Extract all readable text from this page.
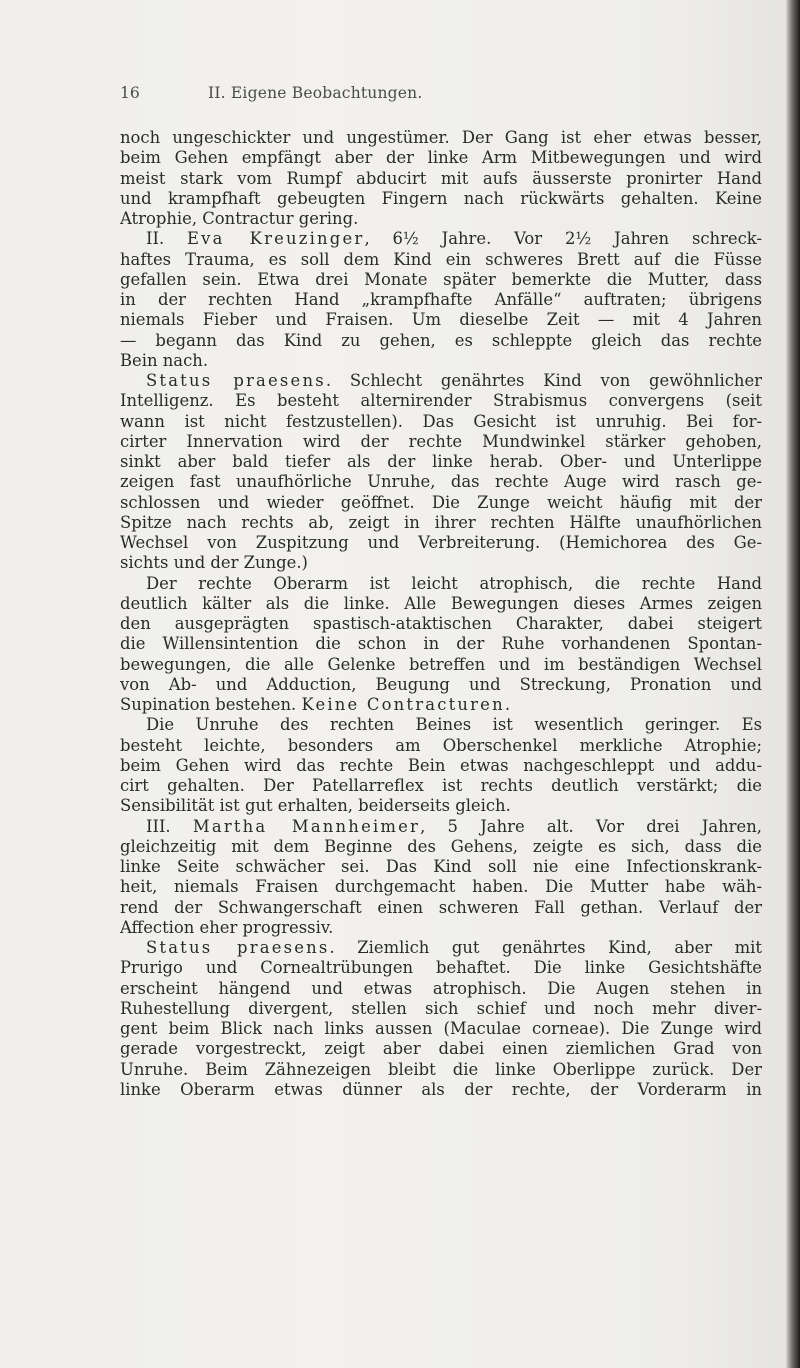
16	II. Eigene Beobachtungen.
noch ungeschickter und ungestümer. Der Gang ist eher etwas besser,
beim Gehen empfängt aber der linke Arm Mitbewegungen und wird
meist stark vom Rumpf abducirt mit aufs äusserste pronirter Hand
und krampfhaft gebeugten Fingern nach rückwärts gehalten. Keine
Atrophie, Contractur gering.
II. Eva Kreuzinger, 6½ Jahre. Vor 2½ Jahren schreck-
haftes Trauma, es soll dem Kind ein schweres Brett auf die Füsse
gefallen sein. Etwa drei Monate später bemerkte die Mutter, dass
in der rechten Hand „krampfhafte Anfälle“ auftraten; übrigens
niemals Fieber und Fraisen. Um dieselbe Zeit — mit 4 Jahren
— begann das Kind zu gehen, es schleppte gleich das rechte
Bein nach.
Status praesens. Schlecht genährtes Kind von gewöhnlicher
Intelligenz. Es besteht alternirender Strabismus convergens (seit
wann ist nicht festzustellen). Das Gesicht ist unruhig. Bei for-
cirter Innervation wird der rechte Mundwinkel stärker gehoben,
sinkt aber bald tiefer als der linke herab. Ober- und Unterlippe
zeigen fast unaufhörliche Unruhe, das rechte Auge wird rasch ge-
schlossen und wieder geöffnet. Die Zunge weicht häufig mit der
Spitze nach rechts ab, zeigt in ihrer rechten Hälfte unaufhörlichen
Wechsel von Zuspitzung und Verbreiterung. (Hemichorea des Ge-
sichts und der Zunge.)
Der rechte Oberarm ist leicht atrophisch, die rechte Hand
deutlich kälter als die linke. Alle Bewegungen dieses Armes zeigen
den ausgeprägten spastisch-ataktischen Charakter, dabei steigert
die Willensintention die schon in der Ruhe vorhandenen Spontan-
bewegungen, die alle Gelenke betreffen und im beständigen Wechsel
von Ab- und Adduction, Beugung und Streckung, Pronation und
Supination bestehen. Keine Contracturen.
Die Unruhe des rechten Beines ist wesentlich geringer. Es
besteht leichte, besonders am Oberschenkel merkliche Atrophie;
beim Gehen wird das rechte Bein etwas nachgeschleppt und addu-
cirt gehalten. Der Patellarreflex ist rechts deutlich verstärkt; die
Sensibilität ist gut erhalten, beiderseits gleich.
III. Martha Mannheimer, 5 Jahre alt. Vor drei Jahren,
gleichzeitig mit dem Beginne des Gehens, zeigte es sich, dass die
linke Seite schwächer sei. Das Kind soll nie eine Infectionskrank-
heit, niemals Fraisen durchgemacht haben. Die Mutter habe wäh-
rend der Schwangerschaft einen schweren Fall gethan. Verlauf der
Affection eher progressiv.
Status praesens. Ziemlich gut genährtes Kind, aber mit
Prurigo und Cornealtrübungen behaftet. Die linke Gesichtshäfte
erscheint hängend und etwas atrophisch. Die Augen stehen in
Ruhestellung divergent, stellen sich schief und noch mehr diver-
gent beim Blick nach links aussen (Maculae corneae). Die Zunge wird
gerade vorgestreckt, zeigt aber dabei einen ziemlichen Grad von
Unruhe. Beim Zähnezeigen bleibt die linke Oberlippe zurück. Der
linke Oberarm etwas dünner als der rechte, der Vorderarm in
